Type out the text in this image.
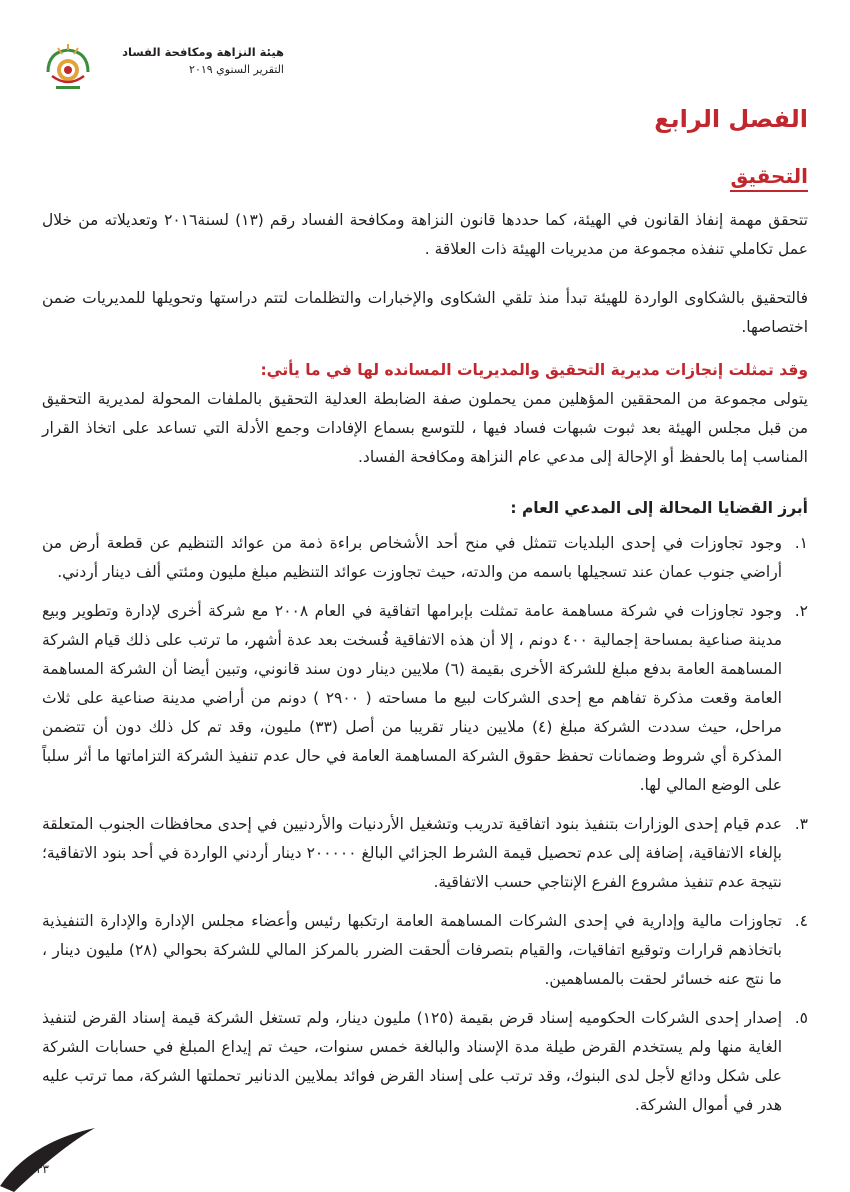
هيئة النزاهة ومكافحة الفساد
التقرير السنوي ٢٠١٩
الفصل الرابع
التحقيق

تتحقق مهمة إنفاذ القانون في الهيئة، كما حددها قانون النزاهة ومكافحة الفساد رقم (١٣) لسنة٢٠١٦ وتعديلاته من خلال عمل تكاملي تنفذه مجموعة من مديريات الهيئة ذات العلاقة .

فالتحقيق بالشكاوى الواردة للهيئة تبدأ منذ تلقي الشكاوى والإخبارات والتظلمات لتتم دراستها وتحويلها للمديريات ضمن اختصاصها.

وقد تمثلت إنجازات مديرية التحقيق والمديريات المسانده لها في ما يأتي:

يتولى مجموعة من المحققين المؤهلين ممن يحملون صفة الضابطة العدلية التحقيق بالملفات المحولة لمديرية التحقيق من قبل مجلس الهيئة بعد ثبوت شبهات فساد فيها ، للتوسع بسماع الإفادات وجمع الأدلة التي تساعد على اتخاذ القرار المناسب إما بالحفظ أو الإحالة إلى مدعي عام النزاهة ومكافحة الفساد.

أبرز القضايا المحالة إلى المدعي العام :
١.
وجود تجاوزات في إحدى البلديات تتمثل في منح أحد الأشخاص براءة ذمة من عوائد التنظيم عن قطعة أرض من أراضي جنوب عمان عند تسجيلها باسمه من والدته، حيث تجاوزت عوائد التنظيم مبلغ مليون ومئتي ألف دينار أردني.
٢.
وجود تجاوزات في شركة مساهمة عامة تمثلت بإبرامها اتفاقية في العام ٢٠٠٨ مع شركة أخرى لإدارة وتطوير وبيع مدينة صناعية بمساحة إجمالية ٤٠٠ دونم ، إلا أن هذه الاتفاقية فُسخت بعد عدة أشهر، ما ترتب على ذلك قيام الشركة المساهمة العامة بدفع مبلغ للشركة الأخرى بقيمة (٦) ملايين دينار دون سند قانوني، وتبين أيضا أن الشركة المساهمة العامة وقعت مذكرة تفاهم مع إحدى الشركات لبيع ما مساحته ( ٢٩٠٠ ) دونم من أراضي مدينة صناعية على ثلاث مراحل، حيث سددت الشركة مبلغ (٤) ملايين دينار تقريبا من أصل (٣٣) مليون، وقد تم كل ذلك دون أن تتضمن المذكرة أي شروط وضمانات تحفظ حقوق الشركة المساهمة العامة في حال عدم تنفيذ الشركة التزاماتها ما أثر سلباً على الوضع المالي لها.
٣.
عدم قيام إحدى الوزارات بتنفيذ بنود اتفاقية تدريب وتشغيل الأردنيات والأردنيين في إحدى محافظات الجنوب المتعلقة بإلغاء الاتفاقية، إضافة إلى عدم تحصيل قيمة الشرط الجزائي البالغ ٢٠٠٠٠٠ دينار أردني الواردة في أحد بنود الاتفاقية؛ نتيجة عدم تنفيذ مشروع الفرع الإنتاجي حسب الاتفاقية.
٤.
تجاوزات مالية وإدارية في إحدى الشركات المساهمة العامة ارتكبها رئيس وأعضاء مجلس الإدارة والإدارة التنفيذية باتخاذهم قرارات وتوقيع اتفاقيات، والقيام بتصرفات ألحقت الضرر بالمركز المالي للشركة بحوالي (٢٨) مليون دينار ، ما نتج عنه خسائر لحقت بالمساهمين.
٥.
إصدار إحدى الشركات الحكوميه إسناد قرض بقيمة (١٢٥) مليون دينار، ولم تستغل الشركة قيمة إسناد القرض لتنفيذ الغاية منها ولم يستخدم القرض طيلة مدة الإسناد والبالغة خمس سنوات، حيث تم إيداع المبلغ في حسابات الشركة على شكل ودائع لأجل لدى البنوك، وقد ترتب على إسناد القرض فوائد بملايين الدنانير تحملتها الشركة، مما ترتب عليه هدر في أموال الشركة.
٣٣
